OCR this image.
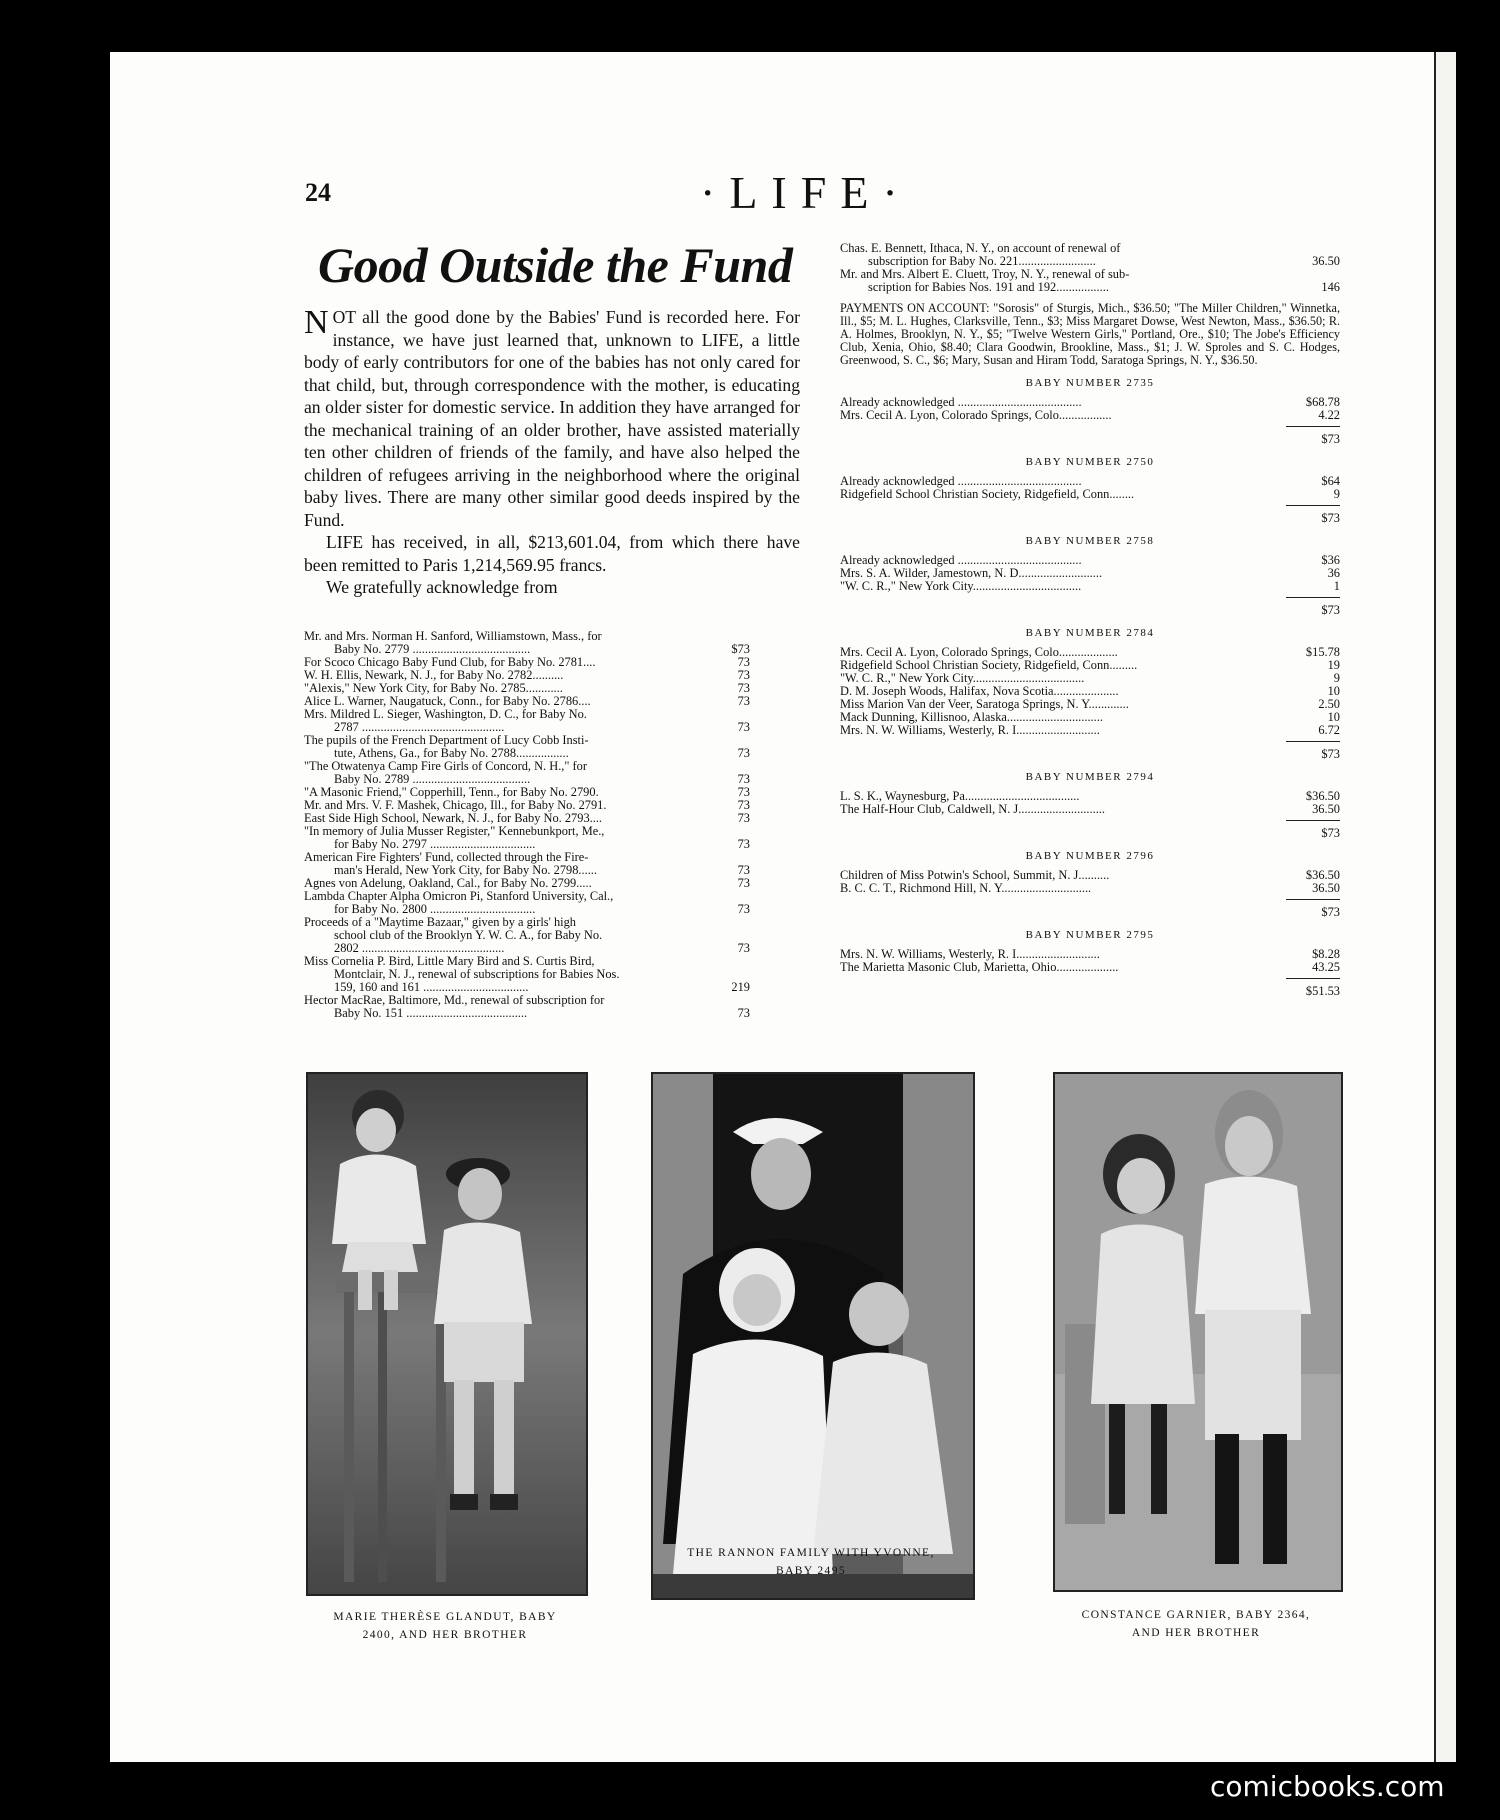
24	·LIFE·
Good Outside the Fund

NOT all the good done by the Babies' Fund is recorded here. For instance, we have just learned that, unknown to LIFE, a little body of early contributors for one of the babies has not only cared for that child, but, through correspondence with the mother, is educating an older sister for domestic service. In addition they have arranged for the mechanical training of an older brother, have assisted materially ten other children of friends of the family, and have also helped the children of refugees arriving in the neighborhood where the original baby lives. There are many other similar good deeds inspired by the Fund.

LIFE has received, in all, $213,601.04, from which there have been remitted to Paris 1,214,569.95 francs.

We gratefully acknowledge from

Mr. and Mrs. Norman H. Sanford, Williamstown, Mass., for
Baby No. 2779 ......................................	$73
For Scoco Chicago Baby Fund Club, for Baby No. 2781....	73
W. H. Ellis, Newark, N. J., for Baby No. 2782..........	73
"Alexis," New York City, for Baby No. 2785............	73
Alice L. Warner, Naugatuck, Conn., for Baby No. 2786....	73
Mrs. Mildred L. Sieger, Washington, D. C., for Baby No.
2787 ..............................................	73
The pupils of the French Department of Lucy Cobb Insti-
tute, Athens, Ga., for Baby No. 2788.................	73
"The Otwatenya Camp Fire Girls of Concord, N. H.," for
Baby No. 2789 ......................................	73
"A Masonic Friend," Copperhill, Tenn., for Baby No. 2790.	73
Mr. and Mrs. V. F. Mashek, Chicago, Ill., for Baby No. 2791.	73
East Side High School, Newark, N. J., for Baby No. 2793....	73
"In memory of Julia Musser Register," Kennebunkport, Me.,
for Baby No. 2797 ..................................	73
American Fire Fighters' Fund, collected through the Fire-
man's Herald, New York City, for Baby No. 2798......	73
Agnes von Adelung, Oakland, Cal., for Baby No. 2799.....	73
Lambda Chapter Alpha Omicron Pi, Stanford University, Cal.,
for Baby No. 2800 ..................................	73
Proceeds of a "Maytime Bazaar," given by a girls' high
school club of the Brooklyn Y. W. C. A., for Baby No.
2802 ..............................................	73
Miss Cornelia P. Bird, Little Mary Bird and S. Curtis Bird,
Montclair, N. J., renewal of subscriptions for Babies Nos.
159, 160 and 161 ..................................	219
Hector MacRae, Baltimore, Md., renewal of subscription for
Baby No. 151 .......................................	73
Chas. E. Bennett, Ithaca, N. Y., on account of renewal of
subscription for Baby No. 221.........................	36.50
Mr. and Mrs. Albert E. Cluett, Troy, N. Y., renewal of sub-
scription for Babies Nos. 191 and 192.................	146
PAYMENTS ON ACCOUNT: "Sorosis" of Sturgis, Mich., $36.50; "The Miller Children," Winnetka, Ill., $5; M. L. Hughes, Clarksville, Tenn., $3; Miss Margaret Dowse, West Newton, Mass., $36.50; R. A. Holmes, Brooklyn, N. Y., $5; "Twelve Western Girls," Portland, Ore., $10; The Jobe's Efficiency Club, Xenia, Ohio, $8.40; Clara Goodwin, Brookline, Mass., $1; J. W. Sproles and S. C. Hodges, Greenwood, S. C., $6; Mary, Susan and Hiram Todd, Saratoga Springs, N. Y., $36.50.
BABY NUMBER 2735
Already acknowledged ........................................	$68.78
Mrs. Cecil A. Lyon, Colorado Springs, Colo.................	4.22
$73
BABY NUMBER 2750
Already acknowledged ........................................	$64
Ridgefield School Christian Society, Ridgefield, Conn........	9
$73
BABY NUMBER 2758
Already acknowledged ........................................	$36
Mrs. S. A. Wilder, Jamestown, N. D...........................	36
"W. C. R.," New York City...................................	1
$73
BABY NUMBER 2784
Mrs. Cecil A. Lyon, Colorado Springs, Colo...................	$15.78
Ridgefield School Christian Society, Ridgefield, Conn.........	19
"W. C. R.," New York City....................................	9
D. M. Joseph Woods, Halifax, Nova Scotia.....................	10
Miss Marion Van der Veer, Saratoga Springs, N. Y.............	2.50
Mack Dunning, Killisnoo, Alaska...............................	10
Mrs. N. W. Williams, Westerly, R. I...........................	6.72
$73
BABY NUMBER 2794
L. S. K., Waynesburg, Pa.....................................	$36.50
The Half-Hour Club, Caldwell, N. J............................	36.50
$73
BABY NUMBER 2796
Children of Miss Potwin's School, Summit, N. J..........	$36.50
B. C. C. T., Richmond Hill, N. Y.............................	36.50
$73
BABY NUMBER 2795
Mrs. N. W. Williams, Westerly, R. I...........................	$8.28
The Marietta Masonic Club, Marietta, Ohio....................	43.25
$51.53
MARIE THERÈSE GLANDUT, BABY
2400, AND HER BROTHER
THE RANNON FAMILY WITH YVONNE,
BABY 2495
CONSTANCE GARNIER, BABY 2364,
AND HER BROTHER
comicbooks.com
